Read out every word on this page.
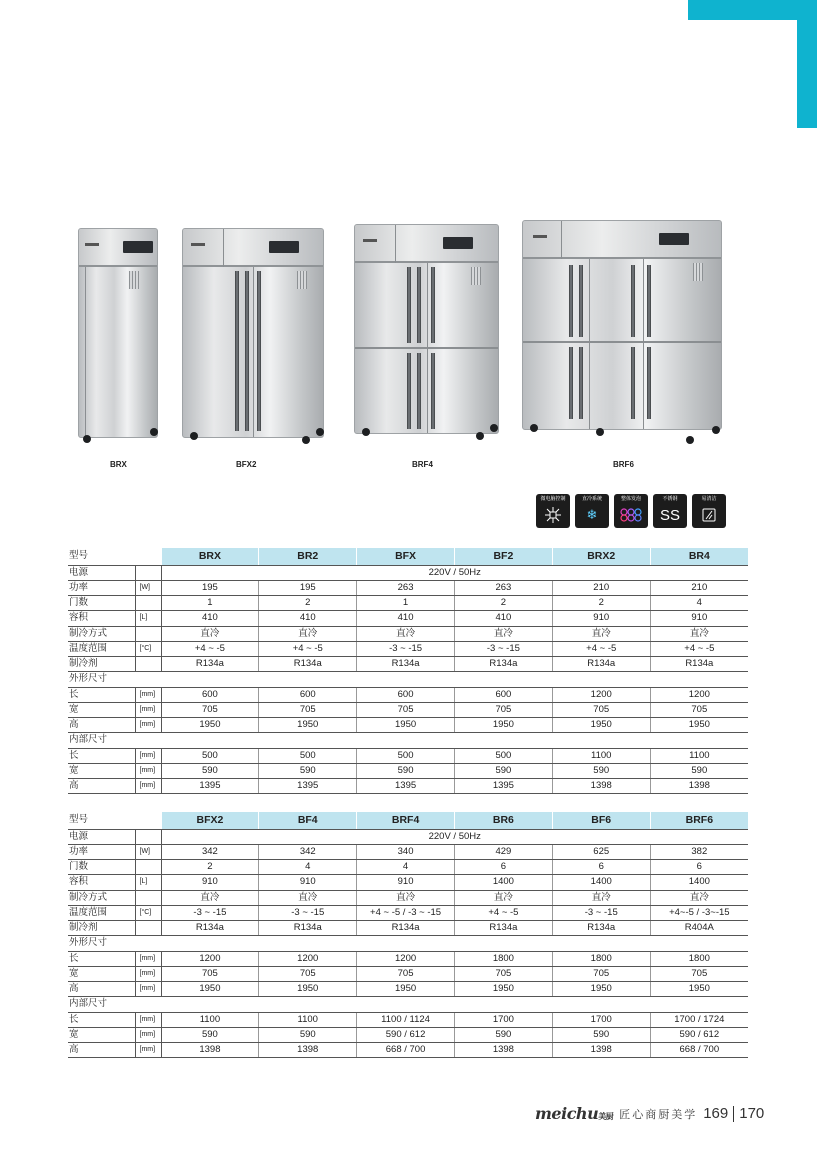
BRX	BFX2	BRF4	BRF6
微电脑控制	直冷系统
❄
整体发泡	不锈钢
SS
易清洁
型号		BRX	BR2	BFX	BF2	BRX2	BR4
电源		220V / 50Hz					
功率	[W]	195	195	263	263	210	210
门数		1	2	1	2	2	4
容积	[L]	410	410	410	410	910	910
制冷方式		直冷	直冷	直冷	直冷	直冷	直冷
温度范围	[°C]	+4 ~ -5	+4 ~ -5	-3 ~ -15	-3 ~ -15	+4 ~ -5	+4 ~ -5
制冷剂		R134a	R134a	R134a	R134a	R134a	R134a
外形尺寸							
长	[mm]	600	600	600	600	1200	1200
宽	[mm]	705	705	705	705	705	705
高	[mm]	1950	1950	1950	1950	1950	1950
内部尺寸							
长	[mm]	500	500	500	500	1100	1100
宽	[mm]	590	590	590	590	590	590
高	[mm]	1395	1395	1395	1395	1398	1398
型号		BFX2	BF4	BRF4	BR6	BF6	BRF6
电源		220V / 50Hz					
功率	[W]	342	342	340	429	625	382
门数		2	4	4	6	6	6
容积	[L]	910	910	910	1400	1400	1400
制冷方式		直冷	直冷	直冷	直冷	直冷	直冷
温度范围	[°C]	-3 ~ -15	-3 ~ -15	+4 ~ -5 / -3 ~ -15	+4 ~ -5	-3 ~ -15	+4~-5 / -3~-15
制冷剂		R134a	R134a	R134a	R134a	R134a	R404A
外形尺寸							
长	[mm]	1200	1200	1200	1800	1800	1800
宽	[mm]	705	705	705	705	705	705
高	[mm]	1950	1950	1950	1950	1950	1950
内部尺寸							
长	[mm]	1100	1100	1100 / 1124	1700	1700	1700 / 1724
宽	[mm]	590	590	590 / 612	590	590	590 / 612
高	[mm]	1398	1398	668 / 700	1398	1398	668 / 700
meichu美厨 匠心商厨美学 169 170
